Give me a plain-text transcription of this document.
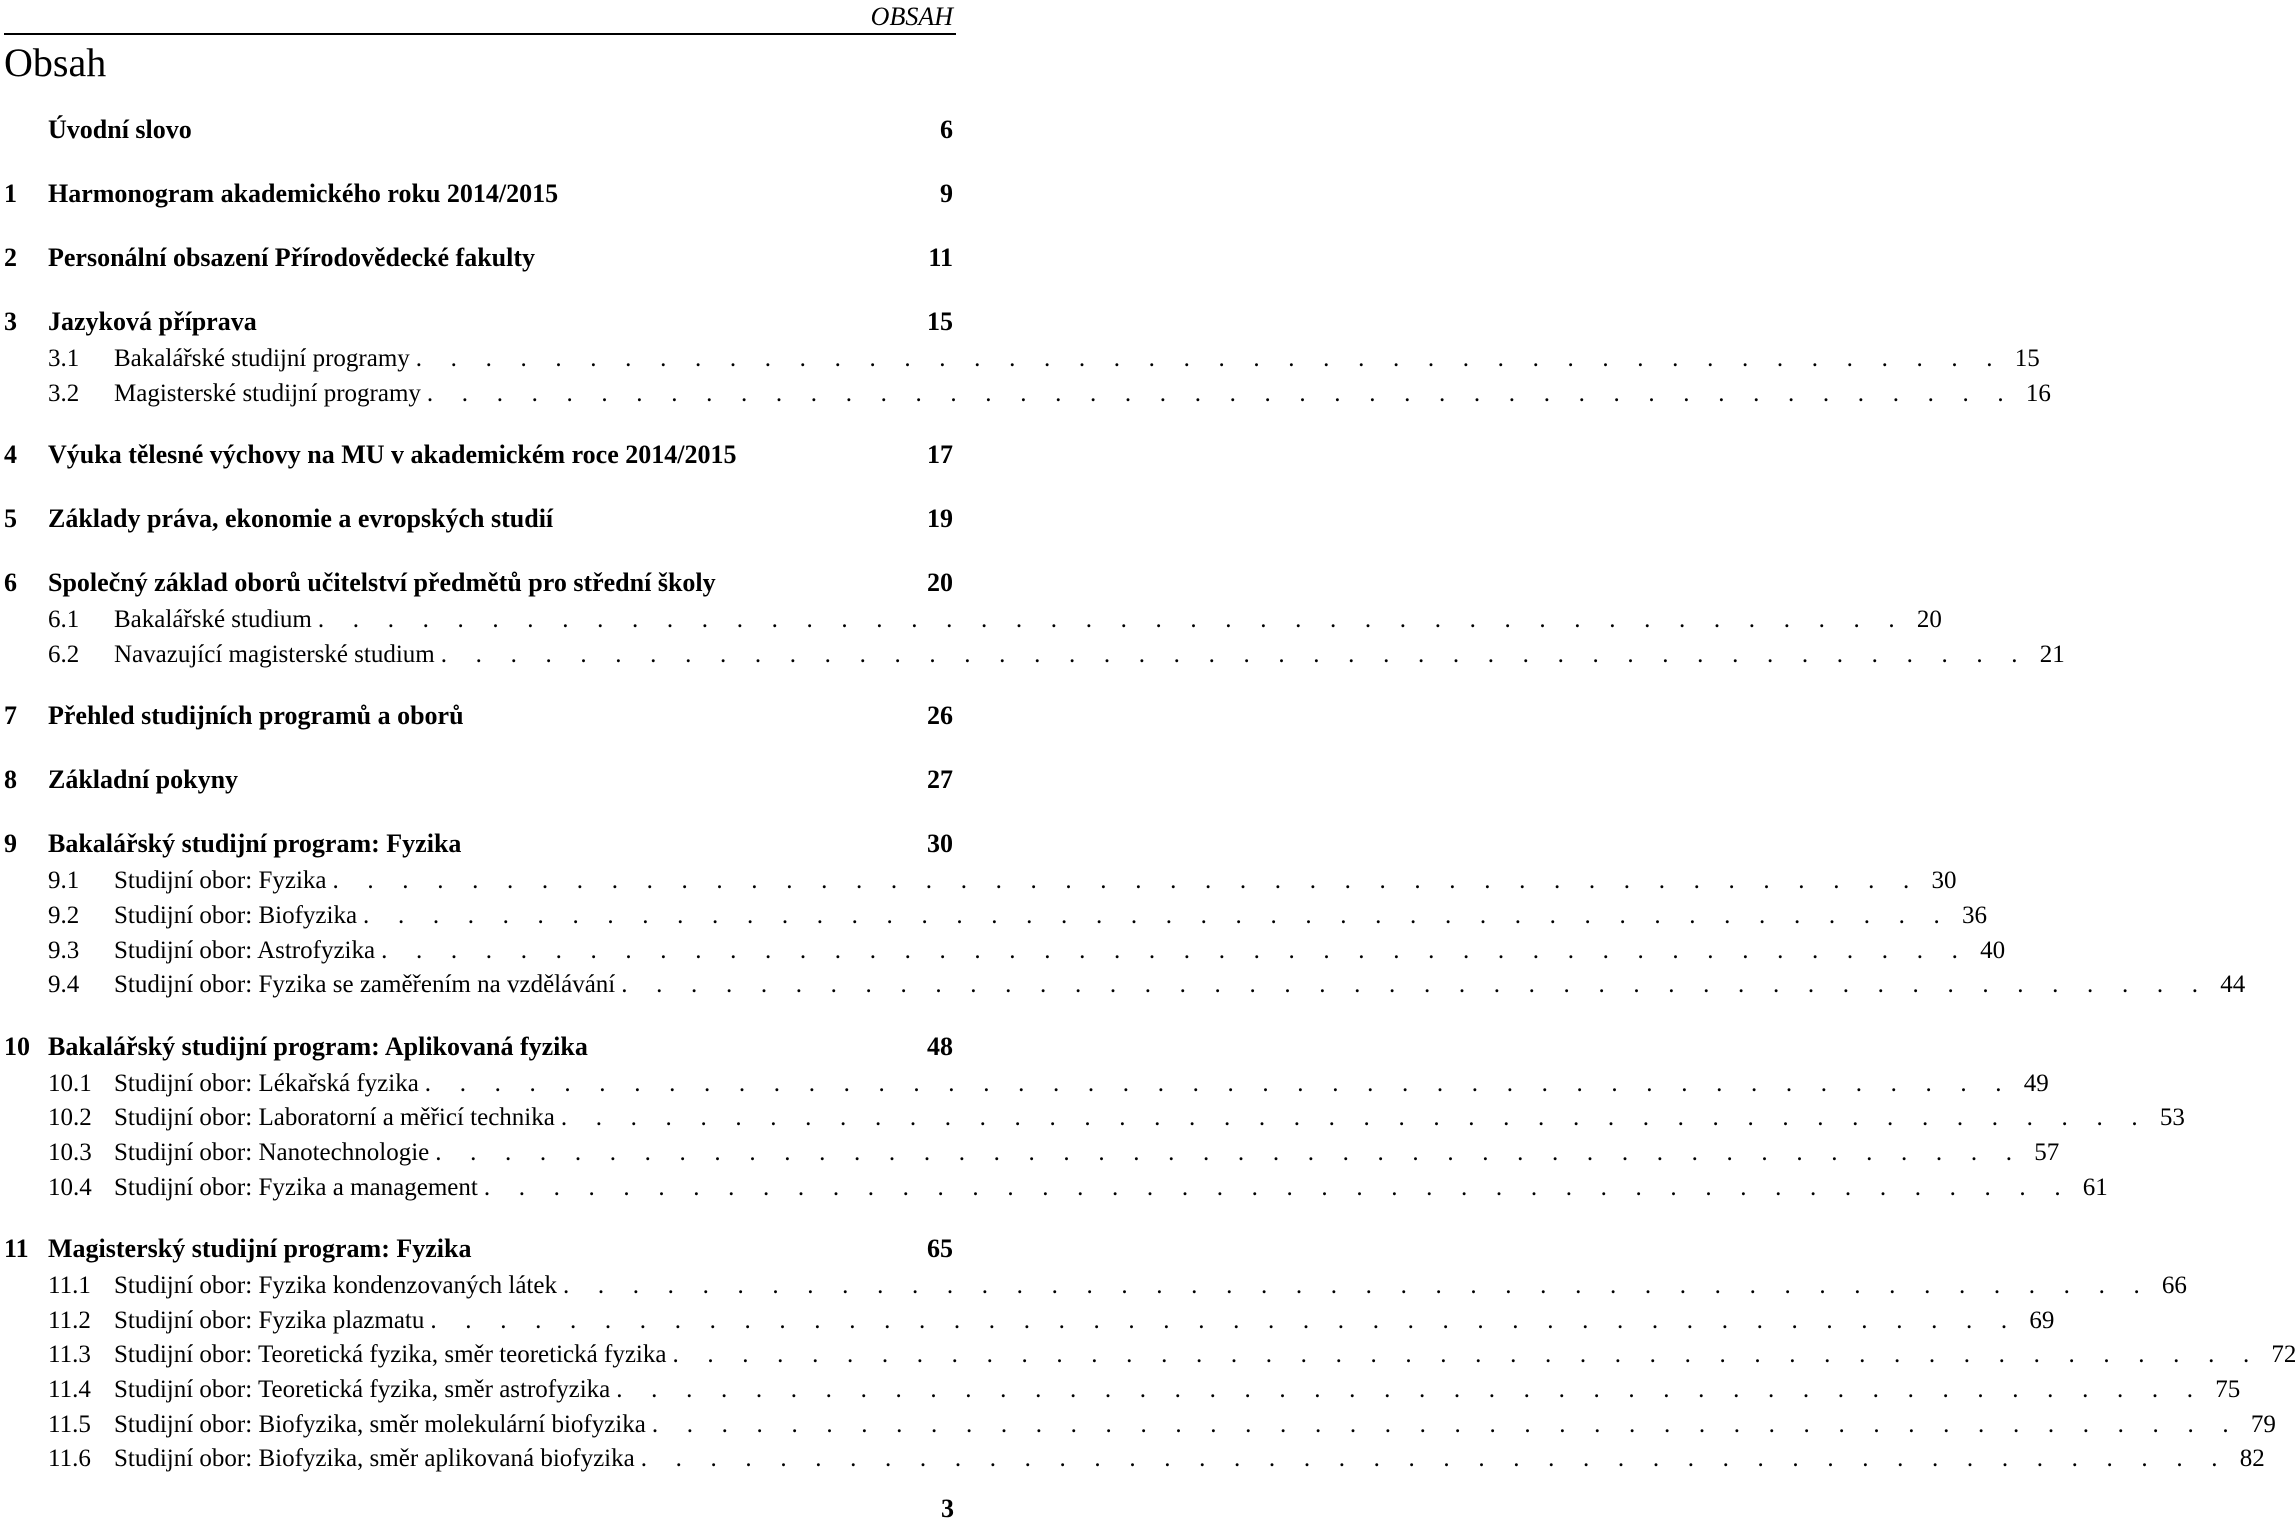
OBSAH
Obsah
Úvodní slovo	6
1	Harmonogram akademického roku 2014/2015	9
2	Personální obsazení Přírodovědecké fakulty	11
3	Jazyková příprava	15
3.1	Bakalářské studijní programy . . . . . . . . . . . . . . . . . . . . . . . . . . . . . . . . . . . . . . . . . . . . . . 15
3.2	Magisterské studijní programy . . . . . . . . . . . . . . . . . . . . . . . . . . . . . . . . . . . . . . . . . . . . . . 16
4	Výuka tělesné výchovy na MU v akademickém roce 2014/2015	17
5	Základy práva, ekonomie a evropských studií	19
6	Společný základ oborů učitelství předmětů pro střední školy	20
6.1	Bakalářské studium . . . . . . . . . . . . . . . . . . . . . . . . . . . . . . . . . . . . . . . . . . . . . . 20
6.2	Navazující magisterské studium . . . . . . . . . . . . . . . . . . . . . . . . . . . . . . . . . . . . . . . . . . . . . . 21
7	Přehled studijních programů a oborů	26
8	Základní pokyny	27
9	Bakalářský studijní program: Fyzika	30
9.1	Studijní obor: Fyzika . . . . . . . . . . . . . . . . . . . . . . . . . . . . . . . . . . . . . . . . . . . . . . 30
9.2	Studijní obor: Biofyzika . . . . . . . . . . . . . . . . . . . . . . . . . . . . . . . . . . . . . . . . . . . . . . 36
9.3	Studijní obor: Astrofyzika . . . . . . . . . . . . . . . . . . . . . . . . . . . . . . . . . . . . . . . . . . . . . . 40
9.4	Studijní obor: Fyzika se zaměřením na vzdělávání . . . . . . . . . . . . . . . . . . . . . . . . . . . . . . . . . . . . . . . . . . . . . . 44
10 Bakalářský studijní program: Aplikovaná fyzika	48
10.1 Studijní obor: Lékařská fyzika . . . . . . . . . . . . . . . . . . . . . . . . . . . . . . . . . . . . . . . . . . . . . . 49
10.2 Studijní obor: Laboratorní a měřicí technika . . . . . . . . . . . . . . . . . . . . . . . . . . . . . . . . . . . . . . . . . . . . . . 53
10.3 Studijní obor: Nanotechnologie . . . . . . . . . . . . . . . . . . . . . . . . . . . . . . . . . . . . . . . . . . . . . . 57
10.4 Studijní obor: Fyzika a management . . . . . . . . . . . . . . . . . . . . . . . . . . . . . . . . . . . . . . . . . . . . . . 61
11 Magisterský studijní program: Fyzika	65
11.1 Studijní obor: Fyzika kondenzovaných látek . . . . . . . . . . . . . . . . . . . . . . . . . . . . . . . . . . . . . . . . . . . . . . 66
11.2 Studijní obor: Fyzika plazmatu . . . . . . . . . . . . . . . . . . . . . . . . . . . . . . . . . . . . . . . . . . . . . . 69
11.3 Studijní obor: Teoretická fyzika, směr teoretická fyzika . . . . . . . . . . . . . . . . . . . . . . . . . . . . . . . . . . . . . . . . . . . . . . 72
11.4 Studijní obor: Teoretická fyzika, směr astrofyzika . . . . . . . . . . . . . . . . . . . . . . . . . . . . . . . . . . . . . . . . . . . . . . 75
11.5 Studijní obor: Biofyzika, směr molekulární biofyzika . . . . . . . . . . . . . . . . . . . . . . . . . . . . . . . . . . . . . . . . . . . . . . 79
11.6 Studijní obor: Biofyzika, směr aplikovaná biofyzika . . . . . . . . . . . . . . . . . . . . . . . . . . . . . . . . . . . . . . . . . . . . . . 82
3
